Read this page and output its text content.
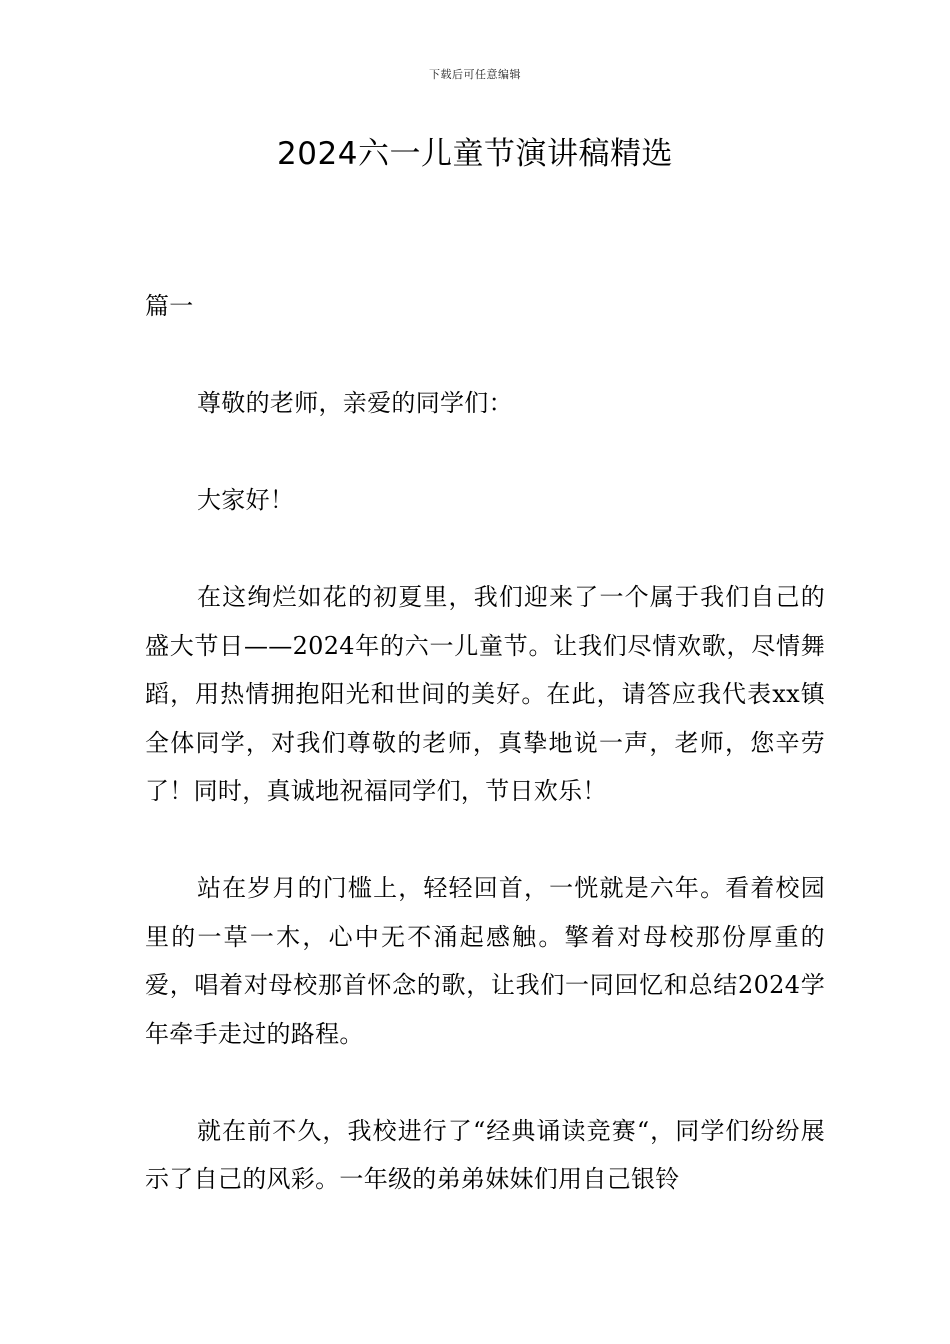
下载后可任意编辑
2024六一儿童节演讲稿精选

篇一

尊敬的老师，亲爱的同学们：

大家好！

在这绚烂如花的初夏里，我们迎来了一个属于我们自己的盛大节日——2024年的六一儿童节。让我们尽情欢歌，尽情舞蹈，用热情拥抱阳光和世间的美好。在此，请答应我代表xx镇全体同学，对我们尊敬的老师，真挚地说一声，老师，您辛劳了！同时，真诚地祝福同学们，节日欢乐！

站在岁月的门槛上，轻轻回首，一恍就是六年。看着校园里的一草一木，心中无不涌起感触。擎着对母校那份厚重的爱，唱着对母校那首怀念的歌，让我们一同回忆和总结2024学年牵手走过的路程。

就在前不久，我校进行了“经典诵读竞赛“，同学们纷纷展示了自己的风彩。一年级的弟弟妹妹们用自己银铃
